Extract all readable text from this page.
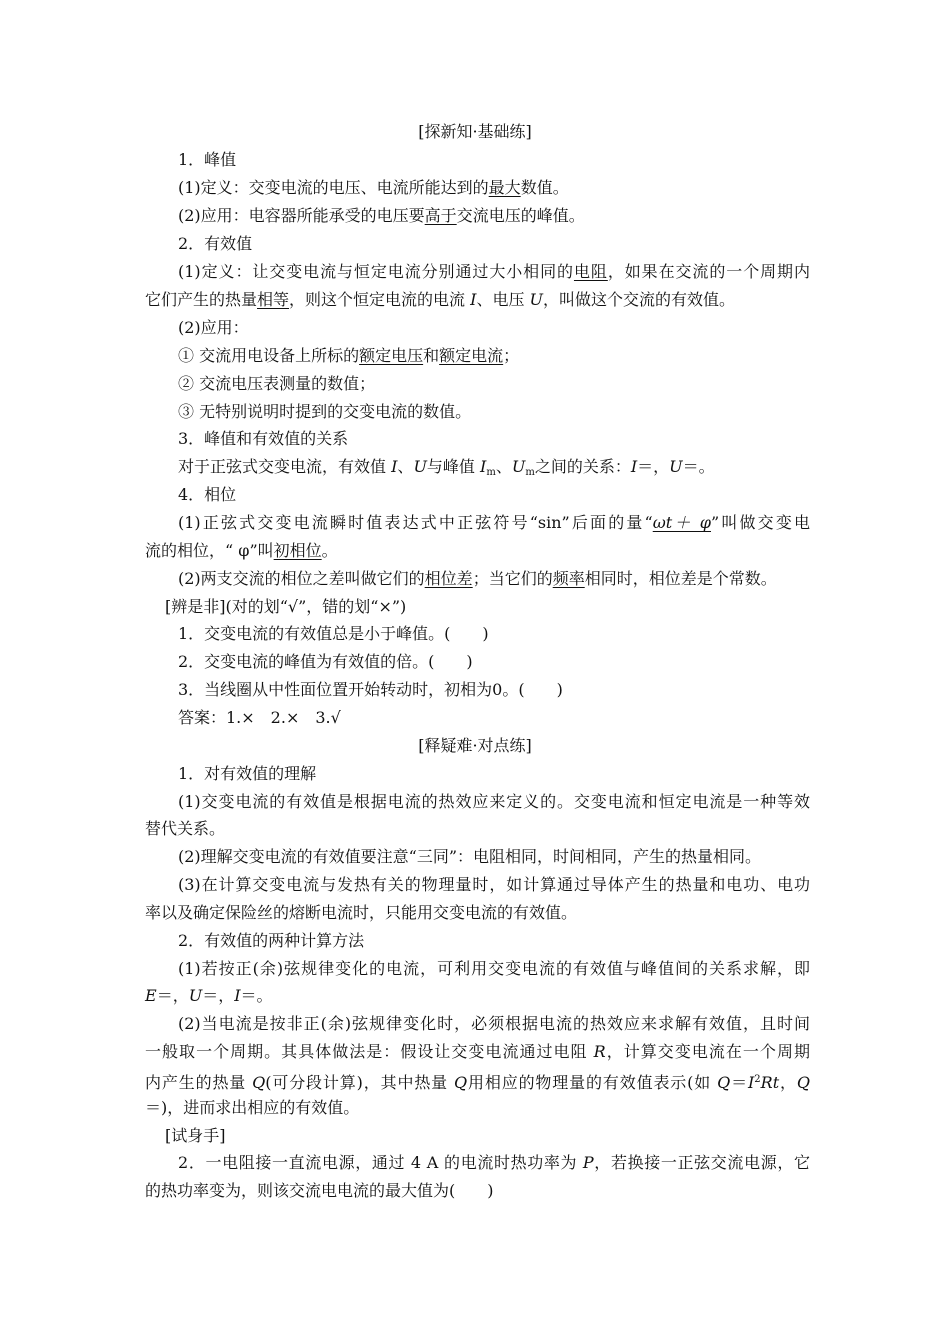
[探新知·基础练]
1．峰值
(1)定义：交变电流的电压、电流所能达到的最大数值。
(2)应用：电容器所能承受的电压要高于交流电压的峰值。
2．有效值
(1)定义：让交变电流与恒定电流分别通过大小相同的电阻，如果在交流的一个周期内
它们产生的热量相等，则这个恒定电流的电流 I、电压 U，叫做这个交流的有效值。
(2)应用：
① 交流用电设备上所标的额定电压和额定电流；
② 交流电压表测量的数值；
③ 无特别说明时提到的交变电流的数值。
3．峰值和有效值的关系
对于正弦式交变电流，有效值 I、U与峰值 Im、Um之间的关系：I＝，U＝。
4．相位
(1)正弦式交变电流瞬时值表达式中正弦符号“sin”后面的量“ωt＋ φ”叫做交变电
流的相位，“ φ”叫初相位。
(2)两支交流的相位之差叫做它们的相位差；当它们的频率相同时，相位差是个常数。
[辨是非](对的划“√”，错的划“×”)
1．交变电流的有效值总是小于峰值。(　　)
2．交变电流的峰值为有效值的倍。(　　)
3．当线圈从中性面位置开始转动时，初相为0。(　　)
答案：1.×　2.×　3.√
[释疑难·对点练]
1．对有效值的理解
(1)交变电流的有效值是根据电流的热效应来定义的。交变电流和恒定电流是一种等效
替代关系。
(2)理解交变电流的有效值要注意“三同”：电阻相同，时间相同，产生的热量相同。
(3)在计算交变电流与发热有关的物理量时，如计算通过导体产生的热量和电功、电功
率以及确定保险丝的熔断电流时，只能用交变电流的有效值。
2．有效值的两种计算方法
(1)若按正(余)弦规律变化的电流，可利用交变电流的有效值与峰值间的关系求解，即
E＝，U＝，I＝。
(2)当电流是按非正(余)弦规律变化时，必须根据电流的热效应来求解有效值，且时间
一般取一个周期。其具体做法是：假设让交变电流通过电阻 R，计算交变电流在一个周期
内产生的热量 Q(可分段计算)，其中热量 Q用相应的物理量的有效值表示(如 $Q=I^2Rt$，Q
＝)，进而求出相应的有效值。
[试身手]
2．一电阻接一直流电源，通过 4 A 的电流时热功率为 P，若换接一正弦交流电源，它
的热功率变为，则该交流电电流的最大值为(　　)
